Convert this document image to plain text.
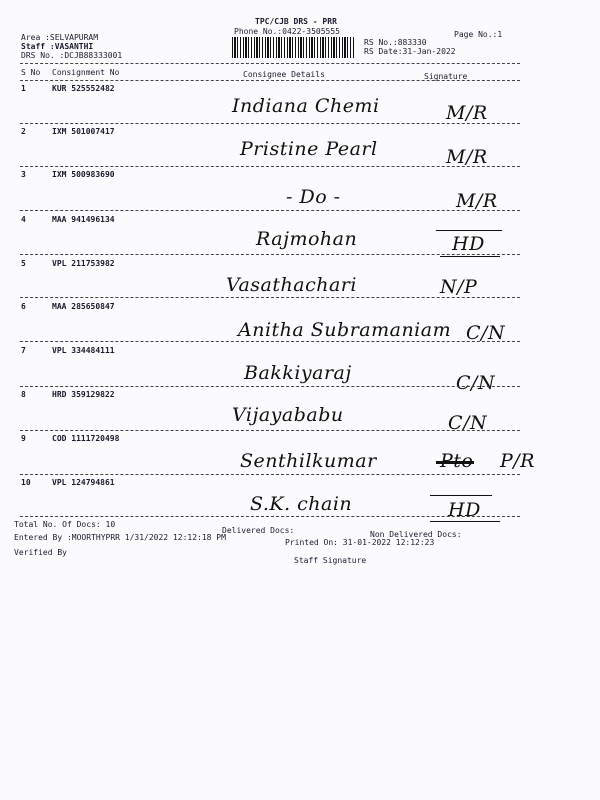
TPC/CJB DRS - PRR
Phone No.:0422-3505555	Page No.:1
Area :SELVAPURAM
Staff :VASANTHI
DRS No. :DCJB88333001
RS No.:883330
RS Date:31-Jan-2022
S No Consignment No	Consignee Details	Signature
1	KUR 525552482
Indiana Chemi	M/R
2	IXM 501007417
Pristine Pearl	M/R
3	IXM 500983690
- Do -	M/R
4	MAA 941496134
Rajmohan	HD
5	VPL 211753982
Vasathachari	N/P
6	MAA 285650847
Anitha Subramaniam C/N
7	VPL 334484111
Bakkiyaraj	C/N
8	HRD 359129822
Vijayababu	C/N
9	COD 1111720498
Senthilkumar	Pto P/R
10	VPL 124794861
S.K. chain	HD
Total No. Of Docs: 10
Delivered Docs:	Non Delivered Docs:
Entered By :MOORTHYPRR 1/31/2022 12:12:18 PM
Printed On: 31-01-2022 12:12:23
Verified By
Staff Signature
